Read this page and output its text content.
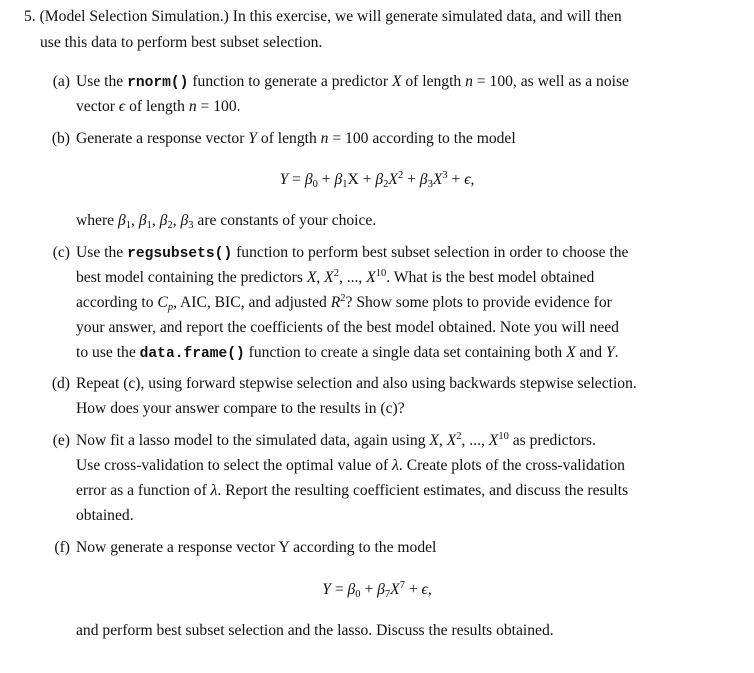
5. (Model Selection Simulation.) In this exercise, we will generate simulated data, and will then
use this data to perform best subset selection.
(a) Use the rnorm() function to generate a predictor X of length n = 100, as well as a noise
vector ϵ of length n = 100.
(b) Generate a response vector Y of length n = 100 according to the model
$Y = \beta_0 + \beta_1X + \beta_2X^2 + \beta_3X^3 + \epsilon$,
where $\beta_1$, $\beta_1$, $\beta_2$, $\beta_3$ are constants of your choice.
(c) Use the regsubsets() function to perform best subset selection in order to choose the
best model containing the predictors X, $X^2$, ..., $X^{10}$. What is the best model obtained
according to $C_p$, AIC, BIC, and adjusted $R^2$? Show some plots to provide evidence for
your answer, and report the coefficients of the best model obtained. Note you will need
to use the data.frame() function to create a single data set containing both X and Y.
(d) Repeat (c), using forward stepwise selection and also using backwards stepwise selection.
How does your answer compare to the results in (c)?
(e) Now fit a lasso model to the simulated data, again using X, $X^2$, ..., $X^{10}$ as predictors.
Use cross-validation to select the optimal value of λ. Create plots of the cross-validation
error as a function of λ. Report the resulting coefficient estimates, and discuss the results
obtained.
(f) Now generate a response vector Y according to the model
$Y = \beta_0 + \beta_7X^7 + \epsilon$,
and perform best subset selection and the lasso. Discuss the results obtained.
